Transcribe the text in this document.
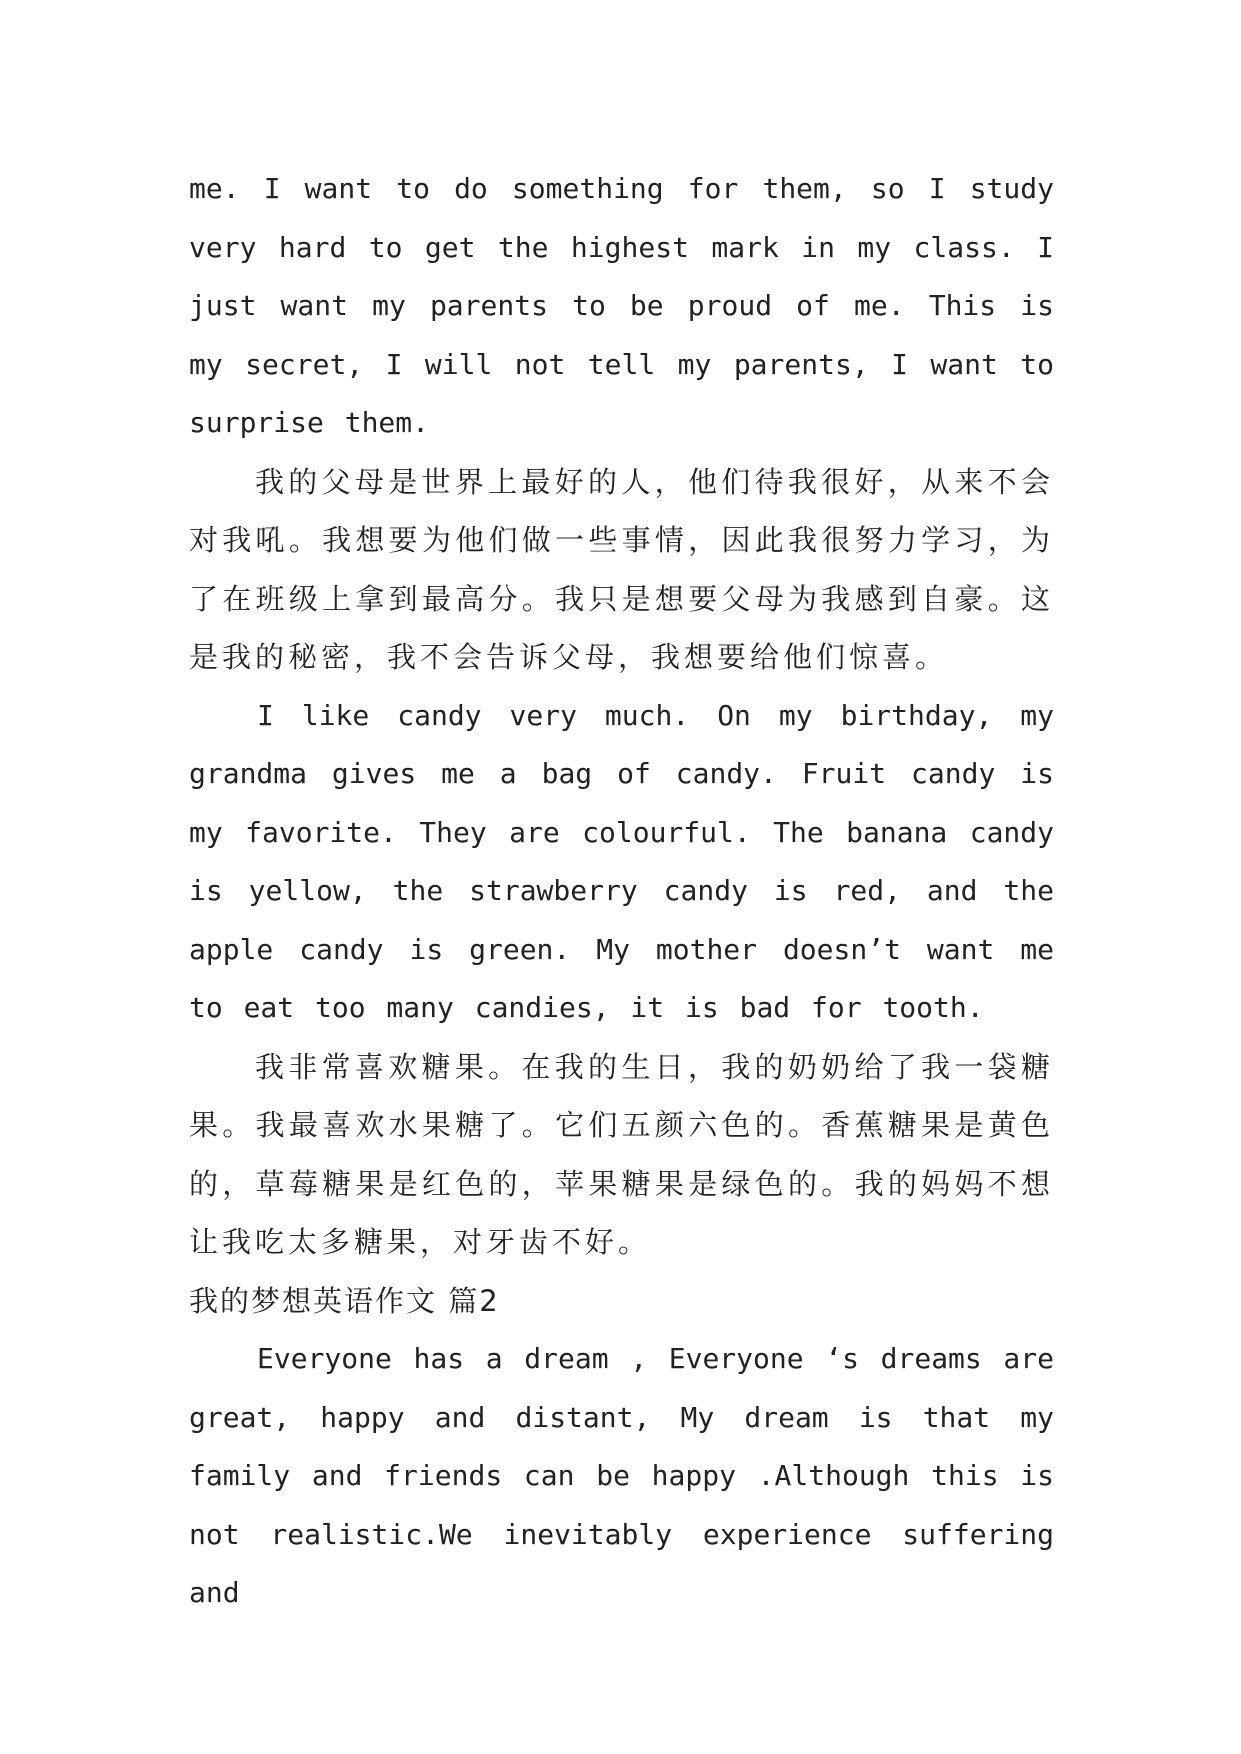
me. I want to do something for them, so I study very hard to get the highest mark in my class. I just want my parents to be proud of me. This is my secret, I will not tell my parents, I want to surprise them.

我的父母是世界上最好的人，他们待我很好，从来不会对我吼。我想要为他们做一些事情，因此我很努力学习，为了在班级上拿到最高分。我只是想要父母为我感到自豪。这是我的秘密，我不会告诉父母，我想要给他们惊喜。

I like candy very much. On my birthday, my grandma gives me a bag of candy. Fruit candy is my favorite. They are colourful. The banana candy is yellow, the strawberry candy is red, and the apple candy is green. My mother doesn’t want me to eat too many candies, it is bad for tooth.

我非常喜欢糖果。在我的生日，我的奶奶给了我一袋糖果。我最喜欢水果糖了。它们五颜六色的。香蕉糖果是黄色的，草莓糖果是红色的，苹果糖果是绿色的。我的妈妈不想让我吃太多糖果，对牙齿不好。

我的梦想英语作文 篇2

Everyone has a dream , Everyone ‘s dreams are great, happy and distant, My dream is that my family and friends can be happy .Although this is not realistic.We inevitably experience suffering and
